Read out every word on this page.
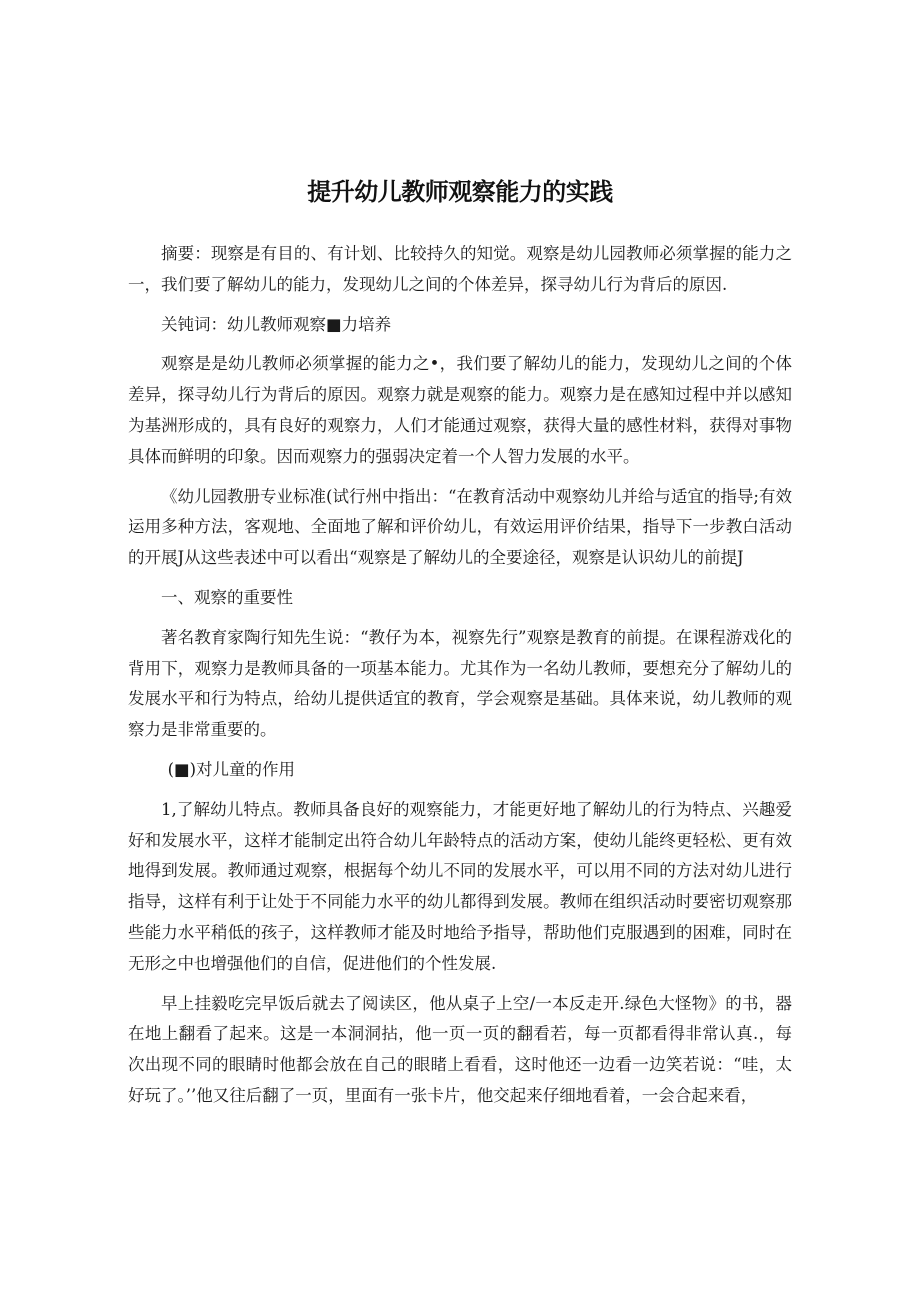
提升幼儿教师观察能力的实践

摘要：现察是有目的、有计划、比较持久的知觉。观察是幼儿园教师必须掌握的能力之一，我们要了解幼儿的能力，发现幼儿之间的个体差异，探寻幼儿行为背后的原因.

关钝词：幼儿教师观察■力培养

观察是是幼儿教师必须掌握的能力之•，我们要了解幼儿的能力，发现幼儿之间的个体差异，探寻幼儿行为背后的原因。观察力就是观察的能力。观察力是在感知过程中并以感知为基洲形成的，具有良好的观察力，人们才能通过观察，获得大量的感性材料，获得对事物具体而鲜明的印象。因而观察力的强弱决定着一个人智力发展的水平。

《幼儿园教册专业标准(试行州中指出：“在教育活动中观察幼儿并给与适宜的指导;有效运用多种方法，客观地、全面地了解和评价幼儿，有效运用评价结果，指导下一步教白活动的开展J从这些表述中可以看出“观察是了解幼儿的全要途径，观察是认识幼儿的前提J

一、观察的重要性

著名教育家陶行知先生说：“教仔为本，视察先行”观察是教育的前提。在课程游戏化的背用下，观察力是教师具备的一项基本能力。尤其作为一名幼儿教师，要想充分了解幼儿的发展水平和行为特点，给幼儿提供适宜的教育，学会观察是基础。具体来说，幼儿教师的观察力是非常重要的。

(■)对儿童的作用

1,了解幼儿特点。教师具备良好的观察能力，才能更好地了解幼儿的行为特点、兴趣爱好和发展水平，这样才能制定出符合幼儿年龄特点的活动方案，使幼儿能终更轻松、更有效地得到发展。教师通过观察，根据每个幼儿不同的发展水平，可以用不同的方法对幼儿进行指导，这样有利于让处于不同能力水平的幼儿都得到发展。教师在组织活动时要密切观察那些能力水平稍低的孩子，这样教师才能及时地给予指导，帮助他们克服遇到的困难，同时在无形之中也增强他们的自信，促进他们的个性发展.

早上挂毅吃完早饭后就去了阅读区，他从桌子上空/一本反走开.绿色大怪物》的书，器在地上翻看了起来。这是一本洞洞拈，他一页一页的翻看若，每一页都看得非常认真.，每次出现不同的眼睛时他都会放在自己的眼睹上看看，这时他还一边看一边笑若说：“哇，太好玩了。’’他又往后翻了一页，里面有一张卡片，他交起来仔细地看着，一会合起来看，
